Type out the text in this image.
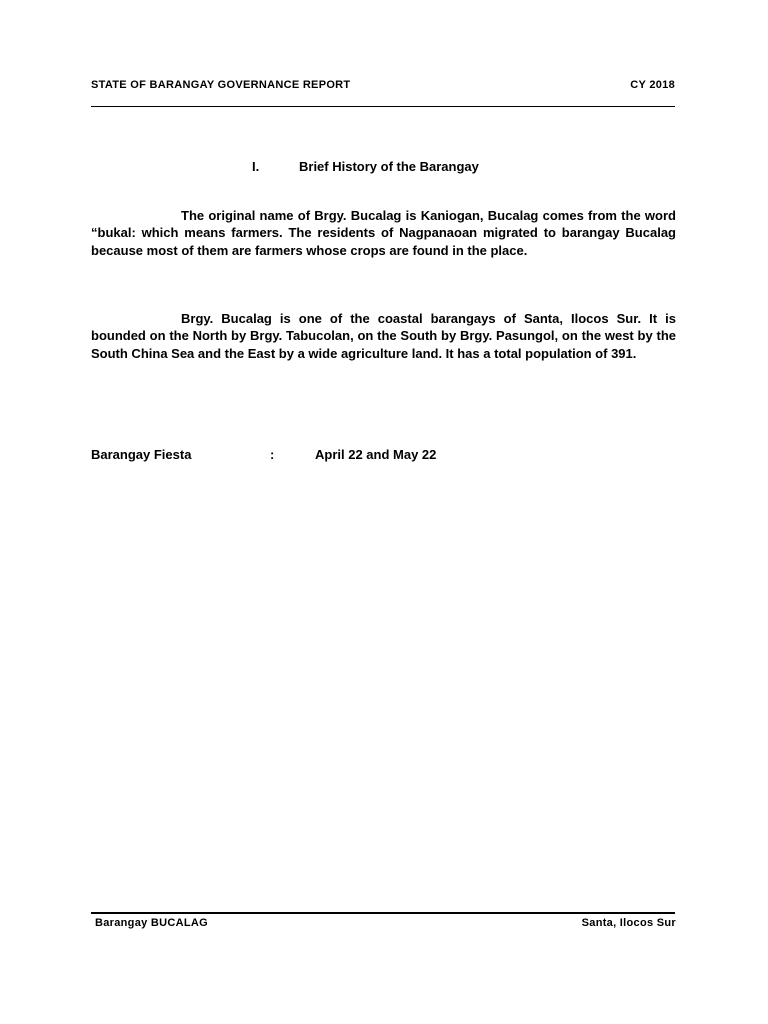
STATE OF BARANGAY GOVERNANCE REPORT	CY 2018
I.	Brief History of the Barangay

The original name of Brgy. Bucalag is Kaniogan, Bucalag comes from the word “bukal: which means farmers. The residents of Nagpanaoan migrated to barangay Bucalag because most of them are farmers whose crops are found in the place.

Brgy. Bucalag is one of the coastal barangays of Santa, Ilocos Sur. It is bounded on the North by Brgy. Tabucolan, on the South by Brgy. Pasungol, on the west by the South China Sea and the East by a wide agriculture land. It has a total population of 391.

Barangay Fiesta	:	April 22 and May 22
Barangay BUCALAG	Santa, Ilocos Sur
